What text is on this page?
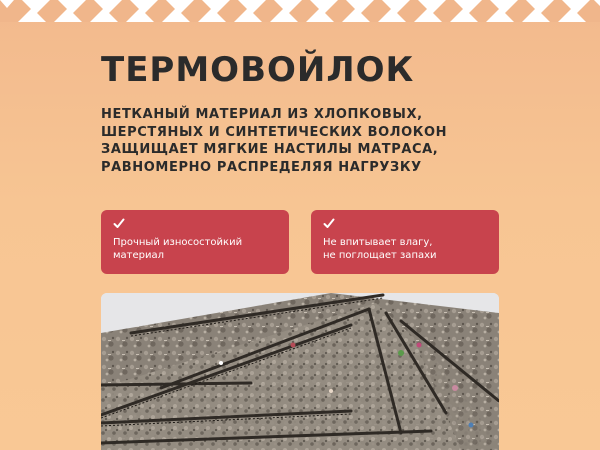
ТЕРМОВОЙЛОК
НЕТКАНЫЙ МАТЕРИАЛ ИЗ ХЛОПКОВЫХ,
ШЕРСТЯНЫХ И СИНТЕТИЧЕСКИХ ВОЛОКОН
ЗАЩИЩАЕТ МЯГКИЕ НАСТИЛЫ МАТРАСА,
РАВНОМЕРНО РАСПРЕДЕЛЯЯ НАГРУЗКУ
Прочный износостойкий
материал
Не впитывает влагу,
не поглощает запахи
